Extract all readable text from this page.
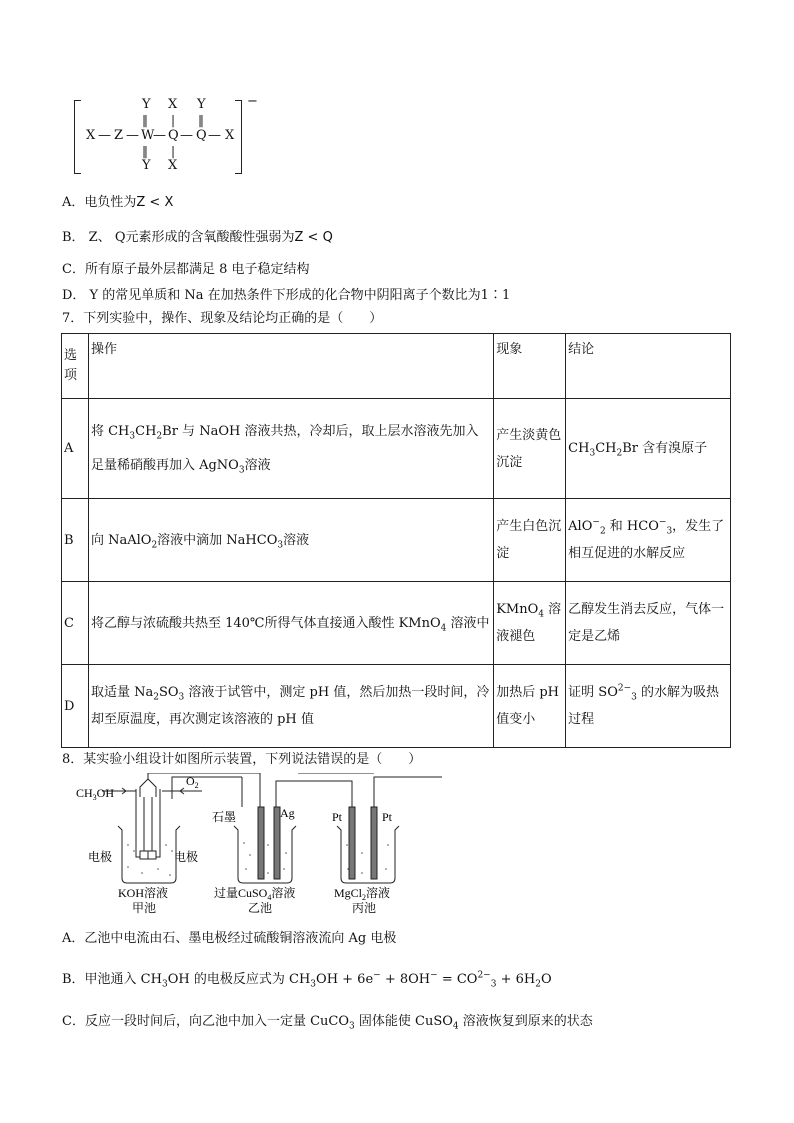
−
Y X Y
‖ | ‖
X — Z — W
— Q — Q — X
‖ |
Y X
A．电负性为Z < X
B． Z、 Q元素形成的含氧酸酸性强弱为Z < Q
C．所有原子最外层都满足 8 电子稳定结构
D． Y 的常见单质和 Na 在加热条件下形成的化合物中阴阳离子个数比为1∶1
7．下列实验中，操作、现象及结论均正确的是（　　）
选项	操作	现象	结论
A	将 $CH_3CH_2Br$ 与 NaOH 溶液共热，冷却后，取上层水溶液先加入
足量稀硝酸再加入 AgNO$_3$溶液	产生淡黄色沉淀	$CH_3CH_2Br$ 含有溴原子
B	向 NaAlO$_2$溶液中滴加 NaHCO$_3$溶液	产生白色沉淀	AlO−$_2$ 和 $HCO^-_3$，发生了相互促进的水解反应
C	将乙醇与浓硫酸共热至 140℃所得气体直接通入酸性 KMnO$_4$ 溶液中	KMnO$_4$ 溶液褪色	乙醇发生消去反应，气体一定是乙烯
D	取适量 $Na_2SO_3$ 溶液于试管中，测定 pH 值，然后加热一段时间，冷却至原温度，再次测定该溶液的 pH 值	加热后 pH 值变小	证明 $SO^{2-}_3$ 的水解为吸热过程
8．某实验小组设计如图所示装置，下列说法错误的是（　　）
$CH_3OH$
$O_2$
电极	电极
石墨	Ag	Pt	Pt
KOH溶液
甲池
过量CuSO$_4$溶液
乙池
MgCl$_2$溶液
丙池
A．乙池中电流由石、墨电极经过硫酸铜溶液流向 Ag 电极
B．甲池通入 $CH_3OH$ 的电极反应式为 $CH_3OH + 6e^- + 8OH^- = CO^{2-}_3 + 6H_2O$
C．反应一段时间后，向乙池中加入一定量 CuCO$_3$ 固体能使 CuSO$_4$ 溶液恢复到原来的状态
